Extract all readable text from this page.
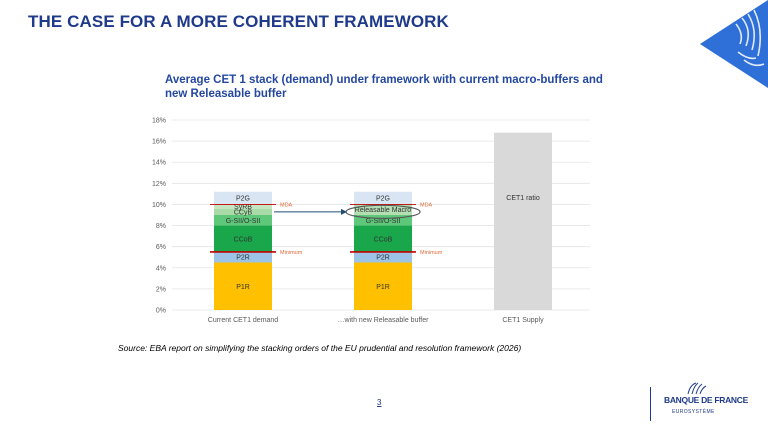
THE CASE FOR A MORE COHERENT FRAMEWORK
Average CET 1 stack (demand) under framework with current macro-buffers and new Releasable buffer
0%
2%
4%
6%
8%
10%
12%
14%
16%
18%
P1R
P2R
CCoB
G-SII/O-SII
CCyB
SyRB
P2G
Minimum
MDA
Current CET1 demand
P1R
P2R
CCoB
G-SII/O-SII
Releasable Macro
P2G
Minimum
MDA
…with new Releasable buffer
CET1 ratio
CET1 Supply
Source: EBA report on simplifying the stacking orders of the EU prudential and resolution framework (2026)
3	BANQUE DE FRANCE
EUROSYSTÈME
